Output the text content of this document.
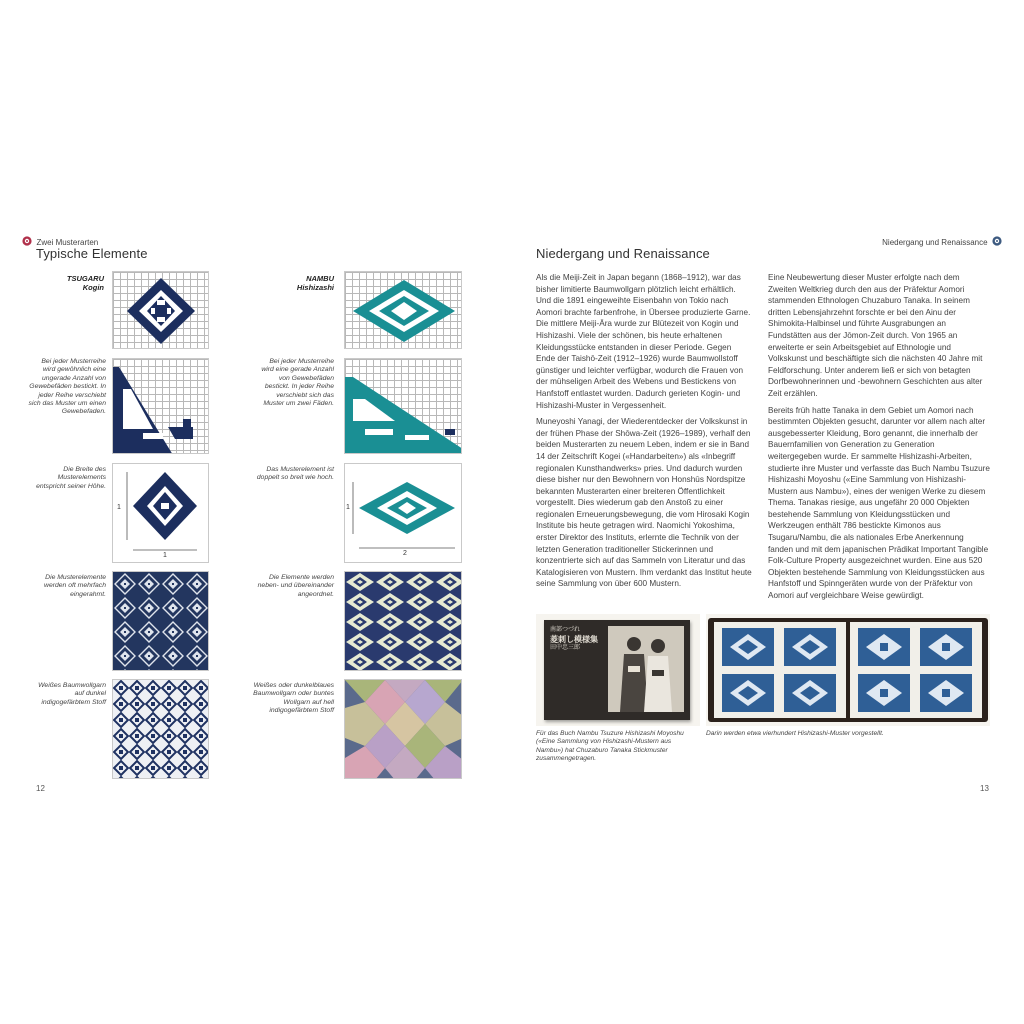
Zwei Musterarten	Niedergang und Renaissance
Typische Elemente
TSUGARU
Kogin
NAMBU
Hishizashi
Bei jeder Musterreihe wird gewöhnlich eine ungerade Anzahl von Gewebefäden bestickt. In jeder Reihe verschiebt sich das Muster um einen Gewebefaden.
Bei jeder Musterreihe wird eine gerade Anzahl von Gewebefäden bestickt. In jeder Reihe verschiebt sich das Muster um zwei Fäden.
Die Breite des Musterelements entspricht seiner Höhe.
1
1
Das Musterelement ist doppelt so breit wie hoch.
1
2
Die Musterelemente werden oft mehrfach eingerahmt.
Die Elemente werden neben- und übereinander angeordnet.
Weißes Baumwollgarn auf dunkel indigogefärbtem Stoff
Weißes oder dunkelblaues Baumwollgarn oder buntes Wollgarn auf hell indigogefärbtem Stoff
12
Niedergang und Renaissance

Als die Meiji-Zeit in Japan begann (1868–1912), war das bisher limitierte Baumwollgarn plötzlich leicht erhältlich. Und die 1891 eingeweihte Eisenbahn von Tokio nach Aomori brachte farbenfrohe, in Übersee produzierte Garne. Die mittlere Meiji-Ära wurde zur Blütezeit von Kogin und Hishizashi. Viele der schönen, bis heute erhaltenen Kleidungsstücke entstanden in dieser Periode. Gegen Ende der Taishō-Zeit (1912–1926) wurde Baumwollstoff günstiger und leichter verfügbar, wodurch die Frauen von der mühseligen Arbeit des Webens und Bestickens von Hanfstoff entlastet wurden. Dadurch gerieten Kogin- und Hishizashi-Muster in Vergessenheit.

Muneyoshi Yanagi, der Wiederentdecker der Volkskunst in der frühen Phase der Shōwa-Zeit (1926–1989), verhalf den beiden Musterarten zu neuem Leben, indem er sie in Band 14 der Zeitschrift Kogei («Handarbeiten») als «Inbegriff regionalen Kunsthandwerks» pries. Und dadurch wurden diese bisher nur den Bewohnern von Honshūs Nordspitze bekannten Musterarten einer breiteren Öffentlichkeit vorgestellt. Dies wiederum gab den Anstoß zu einer regionalen Erneuerungsbewegung, die vom Hirosaki Kogin Institute bis heute getragen wird. Naomichi Yokoshima, erster Direktor des Instituts, erlernte die Technik von der letzten Generation traditioneller Stickerinnen und konzentrierte sich auf das Sammeln von Literatur und das Katalogisieren von Mustern. Ihm verdankt das Institut heute seine Sammlung von über 600 Mustern.

Eine Neubewertung dieser Muster erfolgte nach dem Zweiten Weltkrieg durch den aus der Präfektur Aomori stammenden Ethnologen Chuzaburo Tanaka. In seinem dritten Lebensjahrzehnt forschte er bei den Ainu der Shimokita-Halbinsel und führte Ausgrabungen an Fundstätten aus der Jōmon-Zeit durch. Von 1965 an erweiterte er sein Arbeitsgebiet auf Ethnologie und Volkskunst und beschäftigte sich die nächsten 40 Jahre mit Feldforschung. Unter anderem ließ er sich von betagten Dorfbewohnerinnen und -bewohnern Geschichten aus alter Zeit erzählen.

Bereits früh hatte Tanaka in dem Gebiet um Aomori nach bestimmten Objekten gesucht, darunter vor allem nach alter ausgebesserter Kleidung, Boro genannt, die innerhalb der Bauernfamilien von Generation zu Generation weitergegeben wurde. Er sammelte Hishizashi-Arbeiten, studierte ihre Muster und verfasste das Buch Nambu Tsuzure Hishizashi Moyoshu («Eine Sammlung von Hishizashi-Mustern aus Nambu»), eines der wenigen Werke zu diesem Thema. Tanakas riesige, aus ungefähr 20 000 Objekten bestehende Sammlung von Kleidungsstücken und Werkzeugen enthält 786 bestickte Kimonos aus Tsugaru/Nambu, die als nationales Erbe Anerkennung fanden und mit dem japanischen Prädikat Important Tangible Folk-Culture Property ausgezeichnet wurden. Eine aus 520 Objekten bestehende Sammlung von Kleidungsstücken aus Hanfstoff und Spinngeräten wurde von der Präfektur von Aomori auf vergleichbare Weise gewürdigt.

南部つづれ
菱刺し模様集
田中忠三郎
Für das Buch Nambu Tsuzure Hishizashi Moyoshu («Eine Sammlung von Hishizashi-Mustern aus Nambu») hat Chuzaburo Tanaka Stickmuster zusammengetragen.
Darin werden etwa vierhundert Hishizashi-Muster vorgestellt.
13
